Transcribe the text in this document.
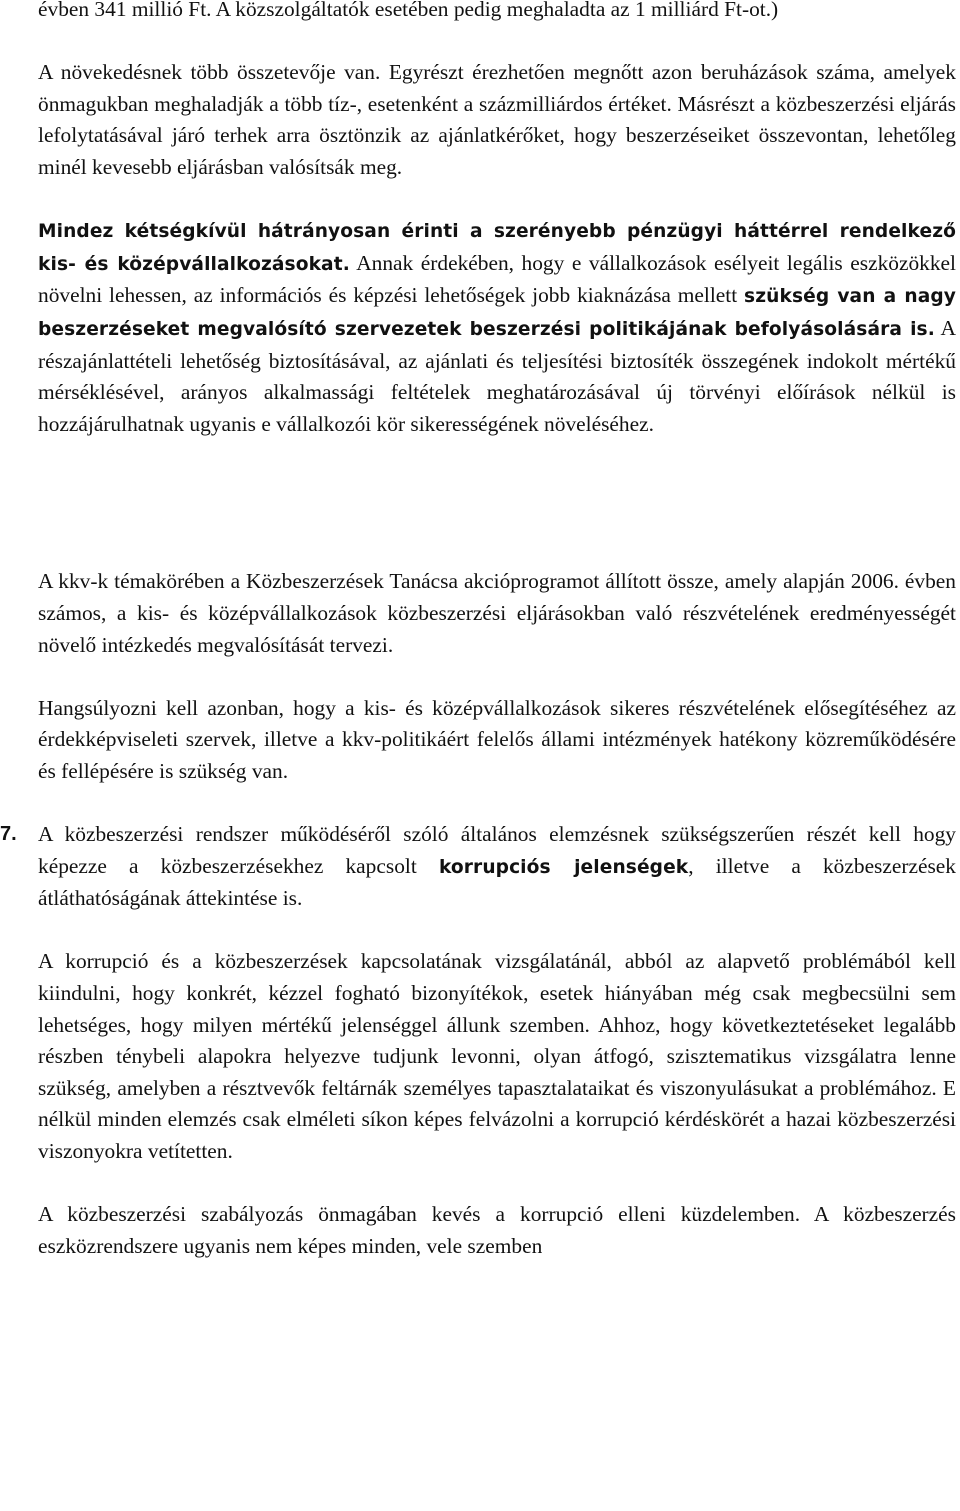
évben 341 millió Ft. A közszolgáltatók esetében pedig meghaladta az 1 milliárd Ft-ot.)

A növekedésnek több összetevője van. Egyrészt érezhetően megnőtt azon beruházások száma, amelyek önmagukban meghaladják a több tíz-, esetenként a százmilliárdos értéket. Másrészt a közbeszerzési eljárás lefolytatásával járó terhek arra ösztönzik az ajánlatkérőket, hogy beszerzéseiket összevontan, lehetőleg minél kevesebb eljárásban valósítsák meg.

Mindez kétségkívül hátrányosan érinti a szerényebb pénzügyi háttérrel rendelkező kis- és középvállalkozásokat. Annak érdekében, hogy e vállalkozások esélyeit legális eszközökkel növelni lehessen, az információs és képzési lehetőségek jobb kiaknázása mellett szükség van a nagy beszerzéseket megvalósító szervezetek beszerzési politikájának befolyásolására is. A részajánlattételi lehetőség biztosításával, az ajánlati és teljesítési biztosíték összegének indokolt mértékű mérséklésével, arányos alkalmassági feltételek meghatározásával új törvényi előírások nélkül is hozzájárulhatnak ugyanis e vállalkozói kör sikerességének növeléséhez.

A kkv-k témakörében a Közbeszerzések Tanácsa akcióprogramot állított össze, amely alapján 2006. évben számos, a kis- és középvállalkozások közbeszerzési eljárásokban való részvételének eredményességét növelő intézkedés megvalósítását tervezi.

Hangsúlyozni kell azonban, hogy a kis- és középvállalkozások sikeres részvételének elősegítéséhez az érdekképviseleti szervek, illetve a kkv-politikáért felelős állami intézmények hatékony közreműködésére és fellépésére is szükség van.

7. A közbeszerzési rendszer működéséről szóló általános elemzésnek szükségszerűen részét kell hogy képezze a közbeszerzésekhez kapcsolt korrupciós jelenségek, illetve a közbeszerzések átláthatóságának áttekintése is.

A korrupció és a közbeszerzések kapcsolatának vizsgálatánál, abból az alapvető problémából kell kiindulni, hogy konkrét, kézzel fogható bizonyítékok, esetek hiányában még csak megbecsülni sem lehetséges, hogy milyen mértékű jelenséggel állunk szemben. Ahhoz, hogy következtetéseket legalább részben ténybeli alapokra helyezve tudjunk levonni, olyan átfogó, szisztematikus vizsgálatra lenne szükség, amelyben a résztvevők feltárnák személyes tapasztalataikat és viszonyulásukat a problémához. E nélkül minden elemzés csak elméleti síkon képes felvázolni a korrupció kérdéskörét a hazai közbeszerzési viszonyokra vetítetten.

A közbeszerzési szabályozás önmagában kevés a korrupció elleni küzdelemben. A közbeszerzés eszközrendszere ugyanis nem képes minden, vele szemben
